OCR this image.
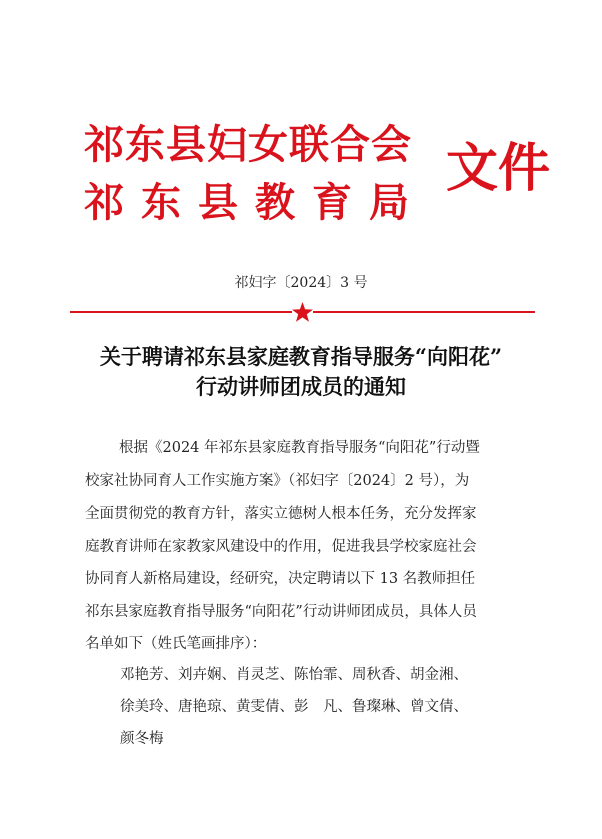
祁东县妇女联合会
祁东县教育局
文件
祁妇字〔2024〕3 号
关于聘请祁东县家庭教育指导服务“向阳花”
行动讲师团成员的通知
根据《2024 年祁东县家庭教育指导服务“向阳花”行动暨
校家社协同育人工作实施方案》（祁妇字〔2024〕2 号），为
全面贯彻党的教育方针，落实立德树人根本任务，充分发挥家
庭教育讲师在家教家风建设中的作用，促进我县学校家庭社会
协同育人新格局建设，经研究，决定聘请以下 13 名教师担任
祁东县家庭教育指导服务“向阳花”行动讲师团成员，具体人员
名单如下（姓氏笔画排序）：
邓艳芳、刘卉娴、肖灵芝、陈怡霏、周秋香、胡金湘、
徐美玲、唐艳琼、黄雯倩、彭　凡、鲁璨琳、曾文倩、
颜冬梅
